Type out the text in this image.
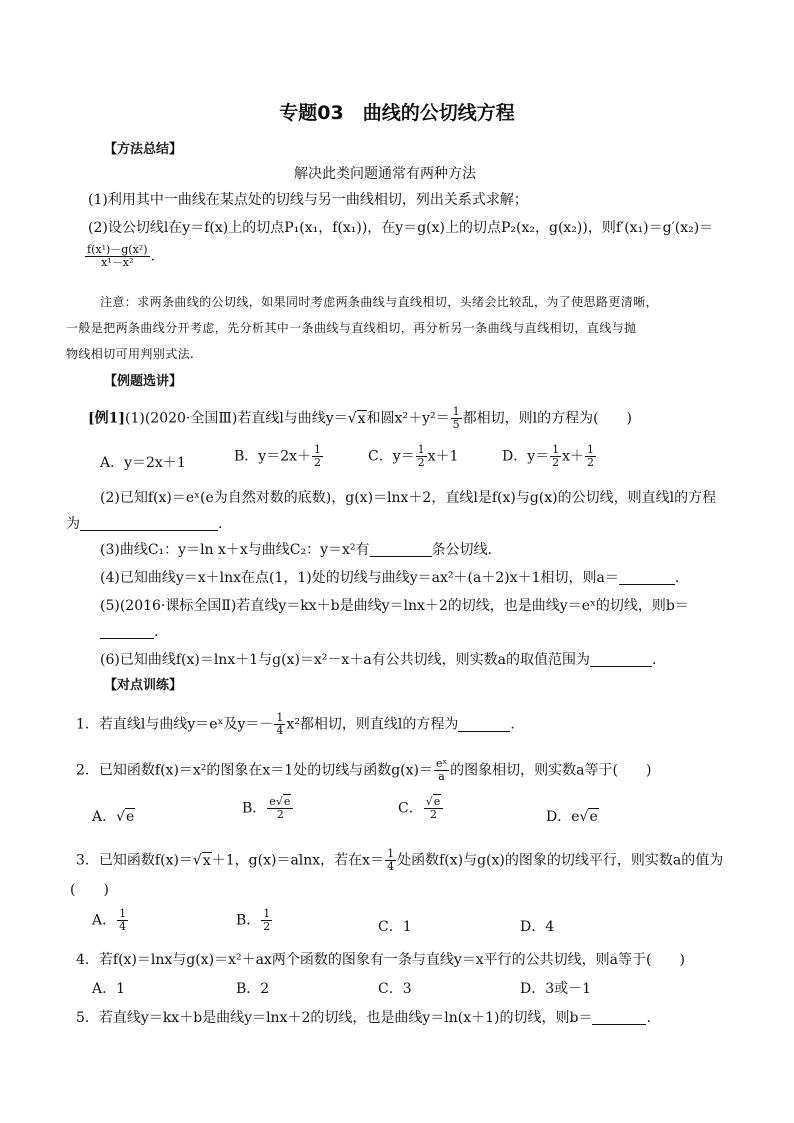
专题03　曲线的公切线方程
【方法总结】
解决此类问题通常有两种方法
(1)利用其中一曲线在某点处的切线与另一曲线相切，列出关系式求解；
(2)设公切线l在y＝f(x)上的切点P₁(x₁，f(x₁))，在y＝g(x)上的切点P₂(x₂，g(x₂))，则f′(x₁)＝g′(x₂)＝
$\frac{\text{f(x¹)－g(x²)}}{\text{x¹－x²}}$ .
注意：求两条曲线的公切线，如果同时考虑两条曲线与直线相切，头绪会比较乱，为了使思路更清晰，
一般是把两条曲线分开考虑，先分析其中一条曲线与直线相切，再分析另一条曲线与直线相切，直线与抛
物线相切可用判别式法.
【例题选讲】
[例1](1)(2020·全国Ⅲ)若直线l与曲线y＝√x和圆$x^2+y^2= \frac{1}{5}$ 都相切，则l的方程为(　　)
A．y＝2x＋1	B．$y=2x+ \frac{1}{2}$	C．$y= \frac{1}{2} x+1$	D．$y= \frac{1}{2} x+ \frac{1}{2}$
(2)已知f(x)＝eˣ(e为自然对数的底数)，g(x)＝lnx＋2，直线l是f(x)与g(x)的公切线，则直线l的方程
为	.
(3)曲线C₁：y＝ln x＋x与曲线C₂：y＝x²有	条公切线.
(4)已知曲线y＝x＋lnx在点(1，1)处的切线与曲线y＝ax²＋(a＋2)x＋1相切，则a＝	.
(5)(2016·课标全国Ⅱ)若直线y＝kx＋b是曲线y＝lnx＋2的切线，也是曲线y＝eˣ的切线，则b＝
.
(6)已知曲线f(x)＝lnx＋1与g(x)＝x²－x＋a有公共切线，则实数a的取值范围为	.
【对点训练】
1．若直线l与曲线y＝eˣ及$y=- \frac{1}{4} x^2$都相切，则直线l的方程为	.
2．已知函数f(x)＝x²的图象在x＝1处的切线与函数$g(x)= \frac{\text{eˣ}}{a}$ 的图象相切，则实数a等于(　　)
A．√e
B． $\frac{e√e}{2}$	C． $\frac{√e}{2}$	D．e√e
3．已知函数f(x)＝√x＋1，g(x)＝alnx，若在$x= \frac{1}{4}$ 处函数f(x)与g(x)的图象的切线平行，则实数a的值为
(　　)
A． $\frac{1}{4}$	B． $\frac{1}{2}$	C．1	D．4
4．若f(x)＝lnx与g(x)＝x²＋ax两个函数的图象有一条与直线y＝x平行的公共切线，则a等于(　　)
A．1	B．2	C．3	D．3或－1
5．若直线y＝kx＋b是曲线y＝lnx＋2的切线，也是曲线y＝ln(x＋1)的切线，则b＝	.
